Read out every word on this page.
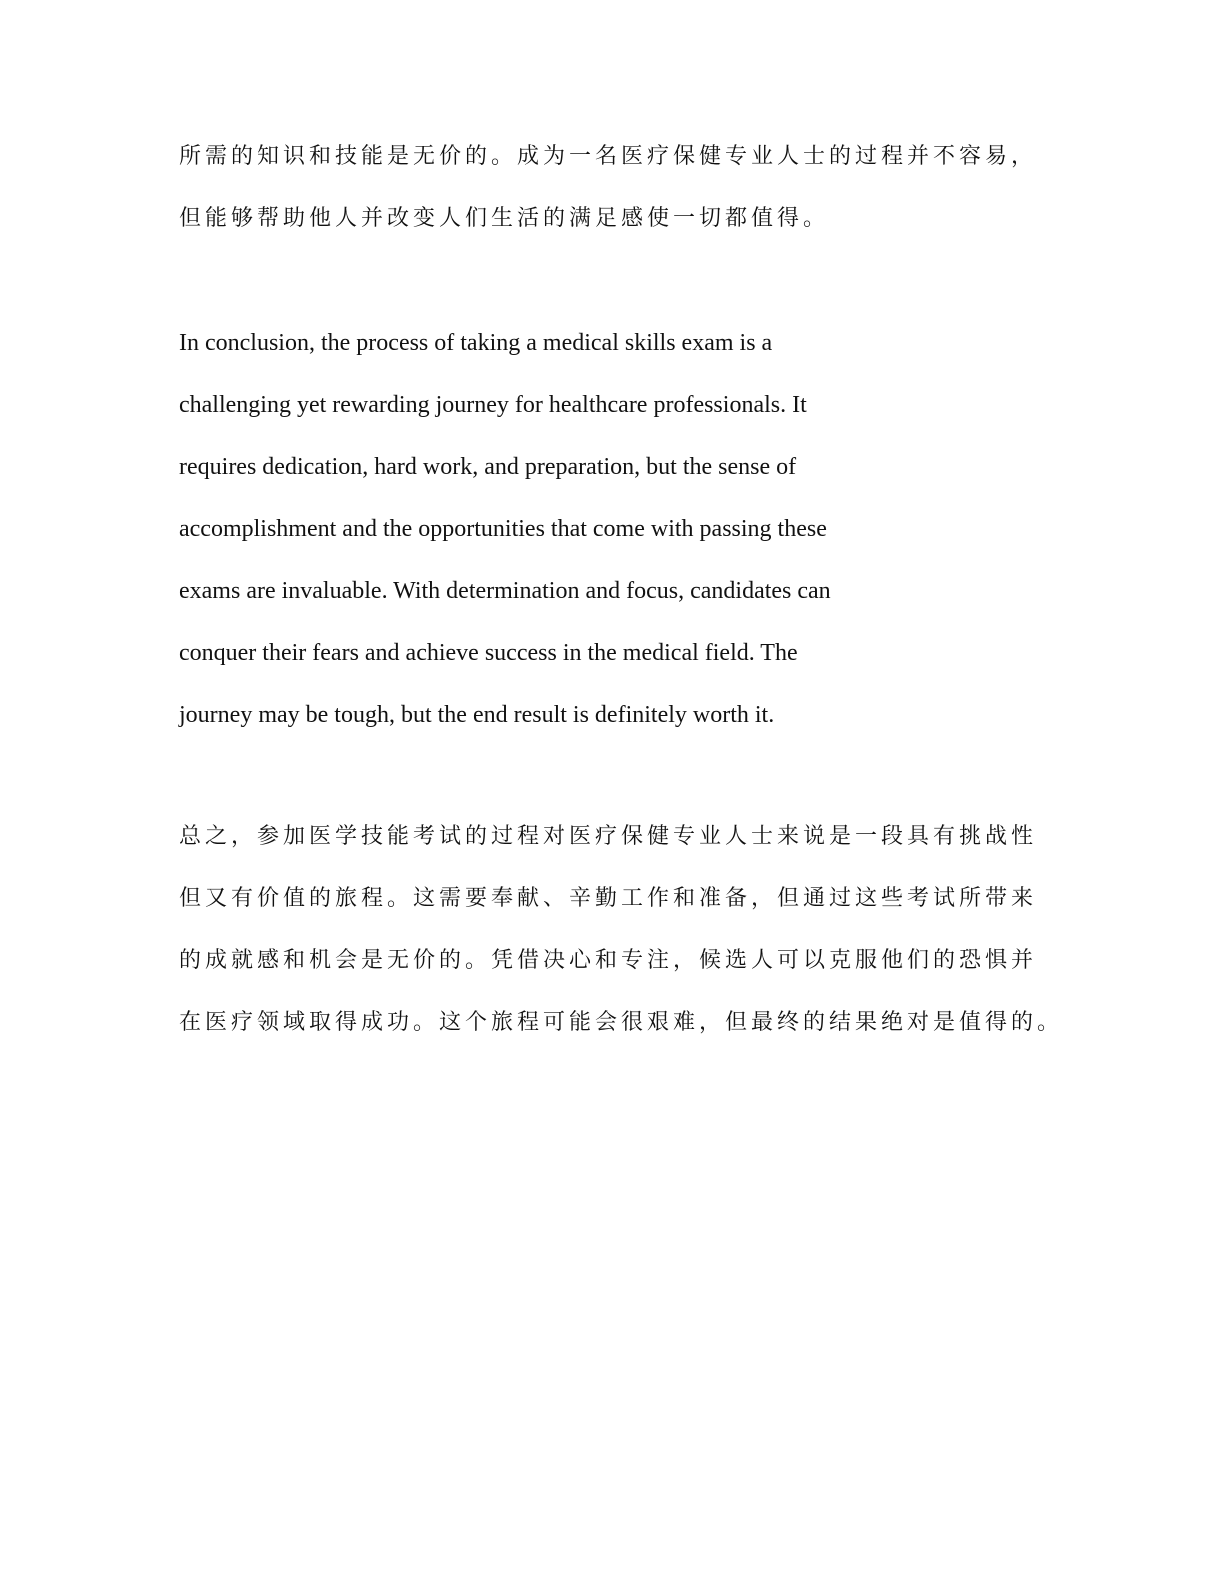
所需的知识和技能是无价的。成为一名医疗保健专业人士的过程并不容易，

但能够帮助他人并改变人们生活的满足感使一切都值得。

In conclusion, the process of taking a medical skills exam is a

challenging yet rewarding journey for healthcare professionals. It

requires dedication, hard work, and preparation, but the sense of

accomplishment and the opportunities that come with passing these

exams are invaluable. With determination and focus, candidates can

conquer their fears and achieve success in the medical field. The

journey may be tough, but the end result is definitely worth it.

总之，参加医学技能考试的过程对医疗保健专业人士来说是一段具有挑战性

但又有价值的旅程。这需要奉献、辛勤工作和准备，但通过这些考试所带来

的成就感和机会是无价的。凭借决心和专注，候选人可以克服他们的恐惧并

在医疗领域取得成功。这个旅程可能会很艰难，但最终的结果绝对是值得的。
